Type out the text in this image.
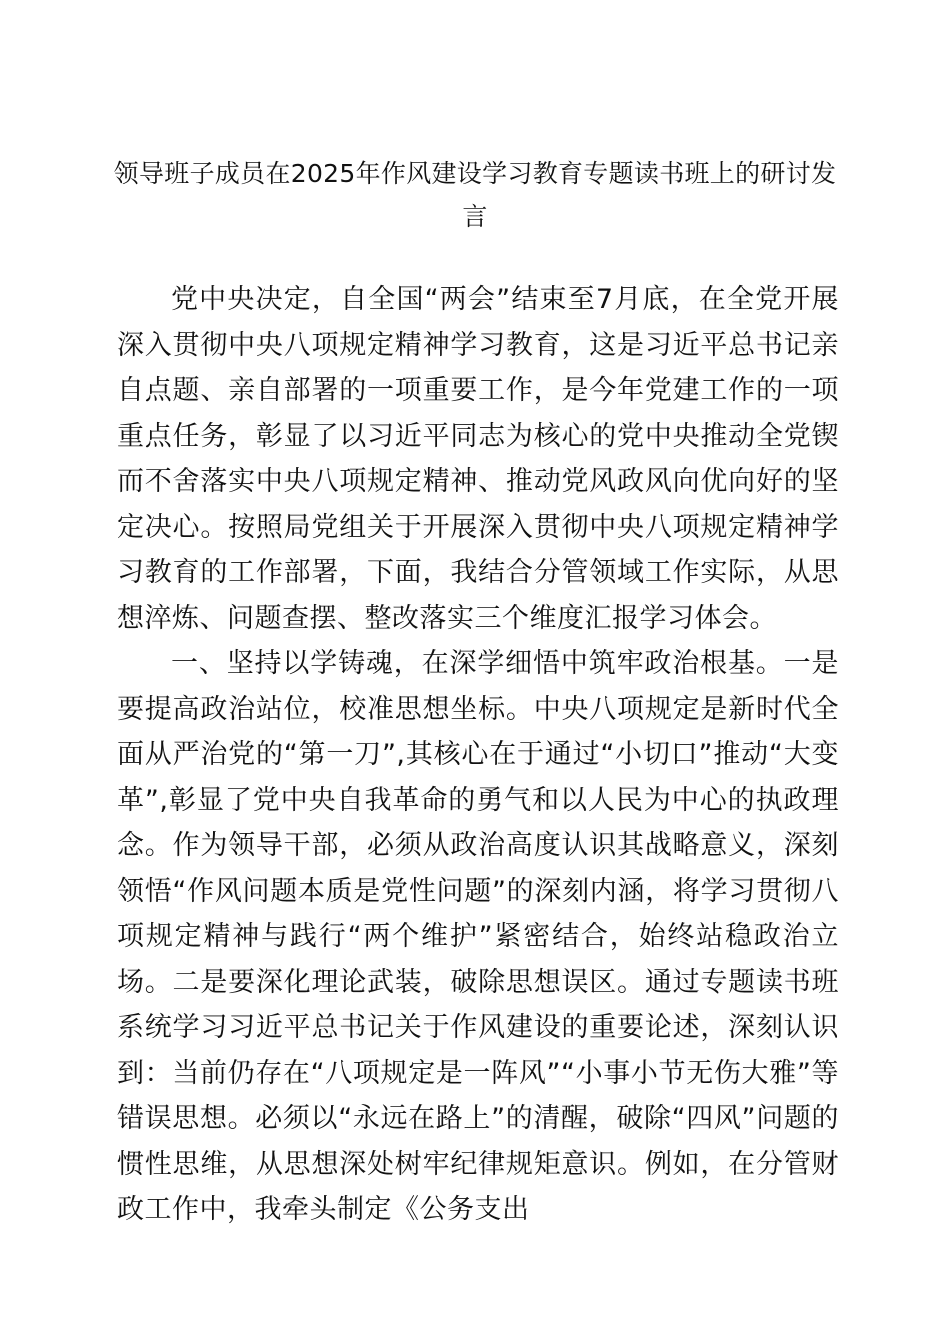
领导班子成员在2025年作风建设学习教育专题读书班上的研讨发言

党中央决定，自全国“两会”结束至7月底，在全党开展深入贯彻中央八项规定精神学习教育，这是习近平总书记亲自点题、亲自部署的一项重要工作，是今年党建工作的一项重点任务，彰显了以习近平同志为核心的党中央推动全党锲而不舍落实中央八项规定精神、推动党风政风向优向好的坚定决心。按照局党组关于开展深入贯彻中央八项规定精神学习教育的工作部署，下面，我结合分管领域工作实际，从思想淬炼、问题查摆、整改落实三个维度汇报学习体会。

一、坚持以学铸魂，在深学细悟中筑牢政治根基。一是要提高政治站位，校准思想坐标。中央八项规定是新时代全面从严治党的“第一刀”,其核心在于通过“小切口”推动“大变革”,彰显了党中央自我革命的勇气和以人民为中心的执政理念。作为领导干部，必须从政治高度认识其战略意义，深刻领悟“作风问题本质是党性问题”的深刻内涵，将学习贯彻八项规定精神与践行“两个维护”紧密结合，始终站稳政治立场。二是要深化理论武装，破除思想误区。通过专题读书班系统学习习近平总书记关于作风建设的重要论述，深刻认识到：当前仍存在“八项规定是一阵风”“小事小节无伤大雅”等错误思想。必须以“永远在路上”的清醒，破除“四风”问题的惯性思维，从思想深处树牢纪律规矩意识。例如，在分管财政工作中，我牵头制定《公务支出
